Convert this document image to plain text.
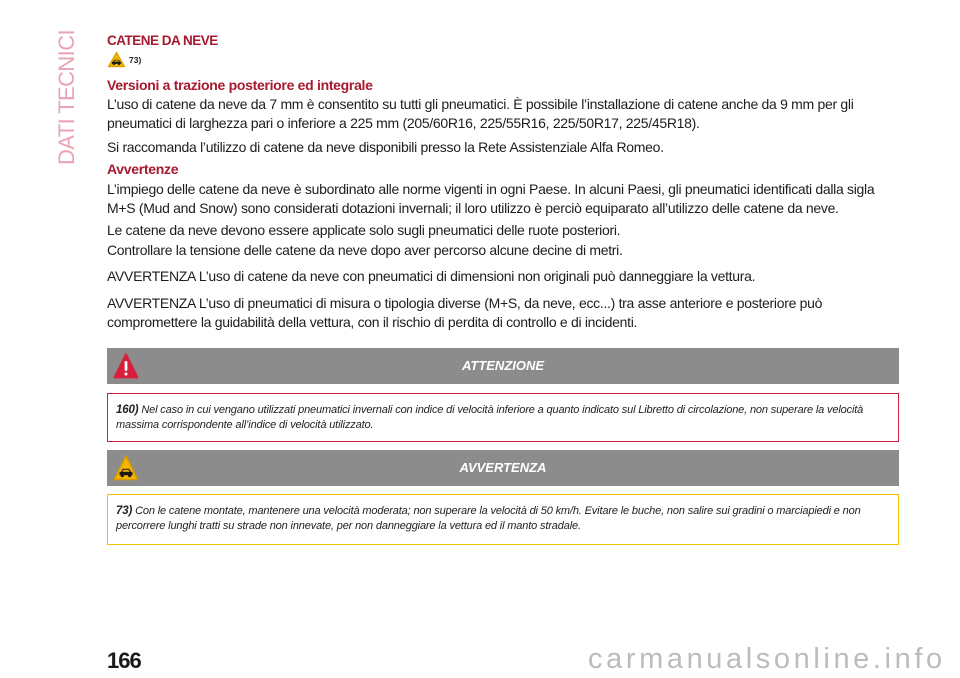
DATI TECNICI CATENE DA NEVE
73)
Versioni a trazione posteriore ed integrale

L’uso di catene da neve da 7 mm è consentito su tutti gli pneumatici. È possibile l’installazione di catene anche da 9 mm per gli pneumatici di larghezza pari o inferiore a 225 mm (205/60R16, 225/55R16, 225/50R17, 225/45R18).

Si raccomanda l’utilizzo di catene da neve disponibili presso la Rete Assistenziale Alfa Romeo.

Avvertenze

L’impiego delle catene da neve è subordinato alle norme vigenti in ogni Paese. In alcuni Paesi, gli pneumatici identificati dalla sigla M+S (Mud and Snow) sono considerati dotazioni invernali; il loro utilizzo è perciò equiparato all’utilizzo delle catene da neve.

Le catene da neve devono essere applicate solo sugli pneumatici delle ruote posteriori.

Controllare la tensione delle catene da neve dopo aver percorso alcune decine di metri.

AVVERTENZA L’uso di catene da neve con pneumatici di dimensioni non originali può danneggiare la vettura.

AVVERTENZA L’uso di pneumatici di misura o tipologia diverse (M+S, da neve, ecc...) tra asse anteriore e posteriore può compromettere la guidabilità della vettura, con il rischio di perdita di controllo e di incidenti.

ATTENZIONE
160) Nel caso in cui vengano utilizzati pneumatici invernali con indice di velocità inferiore a quanto indicato sul Libretto di circolazione, non superare la velocità massima corrispondente all’indice di velocità utilizzato.
AVVERTENZA
73) Con le catene montate, mantenere una velocità moderata; non superare la velocità di 50 km/h. Evitare le buche, non salire sui gradini o marciapiedi e non percorrere lunghi tratti su strade non innevate, per non danneggiare la vettura ed il manto stradale.
166	carmanualsonline.info
